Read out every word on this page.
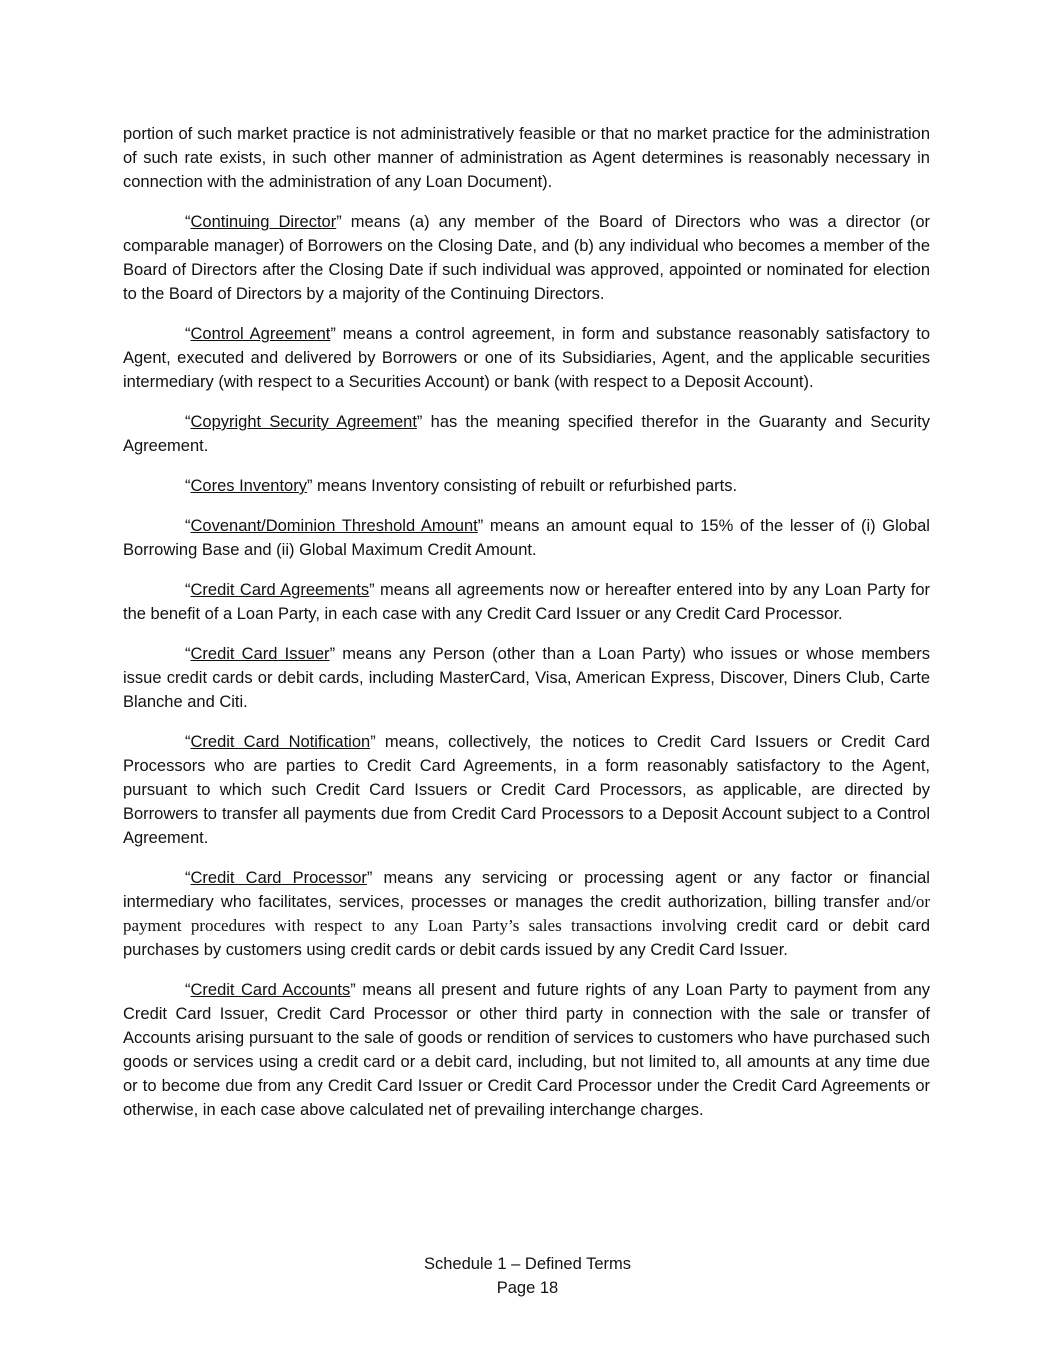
portion of such market practice is not administratively feasible or that no market practice for the administration of such rate exists, in such other manner of administration as Agent determines is reasonably necessary in connection with the administration of any Loan Document).

“Continuing Director” means (a) any member of the Board of Directors who was a director (or comparable manager) of Borrowers on the Closing Date, and (b) any individual who becomes a member of the Board of Directors after the Closing Date if such individual was approved, appointed or nominated for election to the Board of Directors by a majority of the Continuing Directors.

“Control Agreement” means a control agreement, in form and substance reasonably satisfactory to Agent, executed and delivered by Borrowers or one of its Subsidiaries, Agent, and the applicable securities intermediary (with respect to a Securities Account) or bank (with respect to a Deposit Account).

“Copyright Security Agreement” has the meaning specified therefor in the Guaranty and Security Agreement.

“Cores Inventory” means Inventory consisting of rebuilt or refurbished parts.

“Covenant/Dominion Threshold Amount” means an amount equal to 15% of the lesser of (i) Global Borrowing Base and (ii) Global Maximum Credit Amount.

“Credit Card Agreements” means all agreements now or hereafter entered into by any Loan Party for the benefit of a Loan Party, in each case with any Credit Card Issuer or any Credit Card Processor.

“Credit Card Issuer” means any Person (other than a Loan Party) who issues or whose members issue credit cards or debit cards, including MasterCard, Visa, American Express, Discover, Diners Club, Carte Blanche and Citi.

“Credit Card Notification” means, collectively, the notices to Credit Card Issuers or Credit Card Processors who are parties to Credit Card Agreements, in a form reasonably satisfactory to the Agent, pursuant to which such Credit Card Issuers or Credit Card Processors, as applicable, are directed by Borrowers to transfer all payments due from Credit Card Processors to a Deposit Account subject to a Control Agreement.

“Credit Card Processor” means any servicing or processing agent or any factor or financial intermediary who facilitates, services, processes or manages the credit authorization, billing transfer and/or payment procedures with respect to any Loan Party’s sales transactions involving credit card or debit card purchases by customers using credit cards or debit cards issued by any Credit Card Issuer.

“Credit Card Accounts” means all present and future rights of any Loan Party to payment from any Credit Card Issuer, Credit Card Processor or other third party in connection with the sale or transfer of Accounts arising pursuant to the sale of goods or rendition of services to customers who have purchased such goods or services using a credit card or a debit card, including, but not limited to, all amounts at any time due or to become due from any Credit Card Issuer or Credit Card Processor under the Credit Card Agreements or otherwise, in each case above calculated net of prevailing interchange charges.

Schedule 1 – Defined Terms
Page 18
